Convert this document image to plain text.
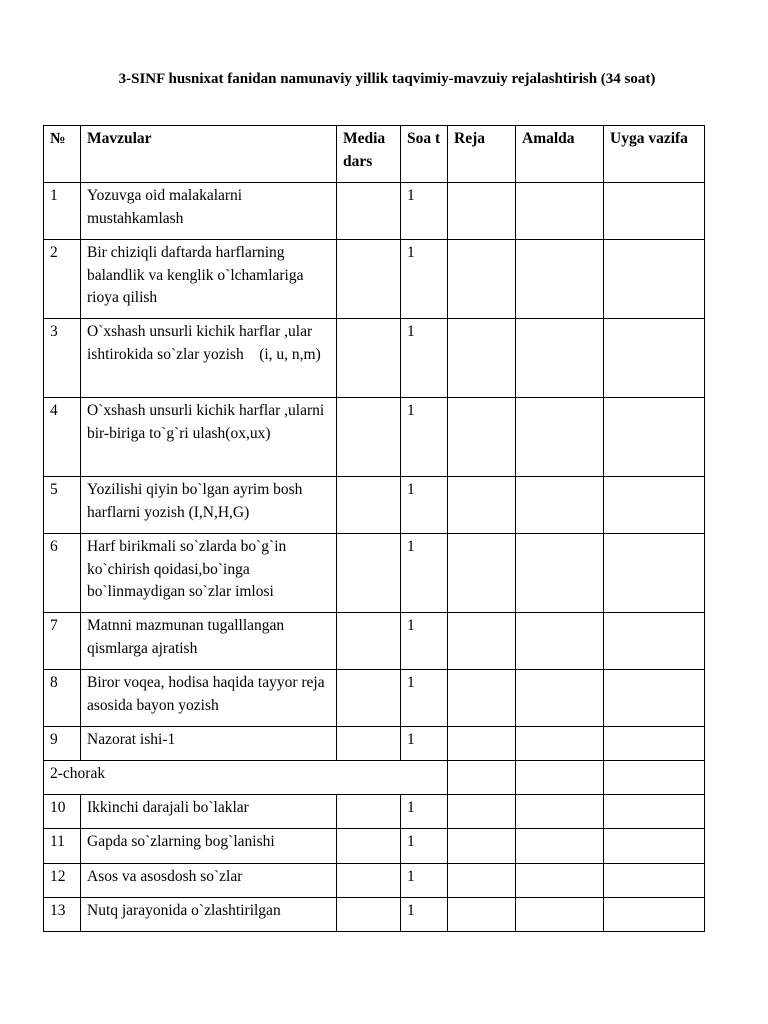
3-SINF husnixat fanidan namunaviy yillik taqvimiy-mavzuiy rejalashtirish (34 soat)
№	Mavzular	Media dars	Soa t	Reja	Amalda	Uyga vazifa
1	Yozuvga oid malakalarni mustahkamlash		1			
2	Bir chiziqli daftarda harflarning balandlik va kenglik o`lchamlariga rioya qilish		1			
3	O`xshash unsurli kichik harflar ,ular ishtirokida so`zlar yozish    (i, u, n,m)		1			
4	O`xshash unsurli kichik harflar ,ularni bir-biriga to`g`ri ulash(ox,ux)		1			
5	Yozilishi qiyin bo`lgan ayrim bosh harflarni yozish (I,N,H,G)		1			
6	Harf birikmali so`zlarda bo`g`in ko`chirish qoidasi,bo`inga bo`linmaydigan so`zlar imlosi		1			
7	Matnni mazmunan tugalllangan qismlarga ajratish		1			
8	Biror voqea, hodisa haqida tayyor reja asosida bayon yozish		1			
9	Nazorat ishi-1		1			
2-chorak						
10	Ikkinchi darajali bo`laklar		1			
11	Gapda so`zlarning bog`lanishi		1			
12	Asos va asosdosh so`zlar		1			
13	Nutq jarayonida o`zlashtirilgan		1			
